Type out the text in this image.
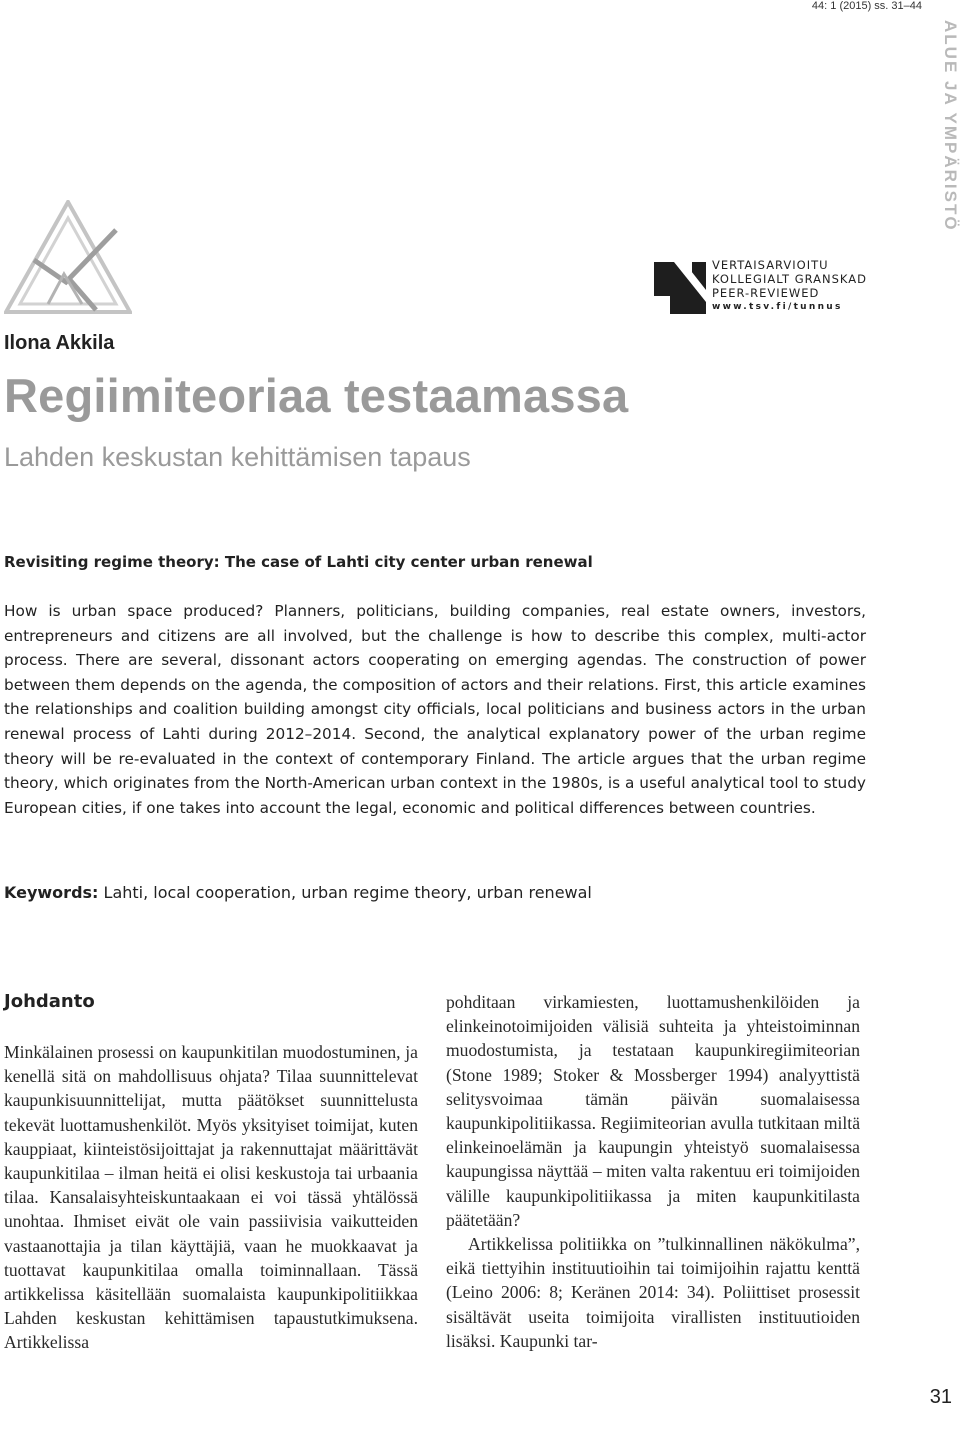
44: 1 (2015) ss. 31–44
ALUE JA YMPÄRISTÖ
VERTAISARVIOITU
KOLLEGIALT GRANSKAD
PEER-REVIEWED
www.tsv.fi/tunnus
Ilona Akkila
Regiimiteoriaa testaamassa
Lahden keskustan kehittämisen tapaus
Revisiting regime theory: The case of Lahti city center urban renewal

How is urban space produced? Planners, politicians, building companies, real estate owners, investors, entrepreneurs and citizens are all involved, but the challenge is how to describe this complex, multi-actor process. There are several, dissonant actors cooperating on emerging agendas. The construction of power between them depends on the agenda, the composition of actors and their relations. First, this article examines the relationships and coalition building amongst city officials, local politicians and business actors in the urban renewal process of Lahti during 2012–2014. Second, the analytical explanatory power of the urban regime theory will be re-evaluated in the context of contemporary Finland. The article argues that the urban regime theory, which originates from the North-American urban context in the 1980s, is a useful analytical tool to study European cities, if one takes into account the legal, economic and political differences between countries.

Keywords: Lahti, local cooperation, urban regime theory, urban renewal
Johdanto

Minkälainen prosessi on kaupunkitilan muodostuminen, ja kenellä sitä on mahdollisuus ohjata? Tilaa suunnittelevat kaupunkisuunnittelijat, mutta päätökset suunnittelusta tekevät luottamushenkilöt. Myös yksityiset toimijat, kuten kauppiaat, kiinteistösijoittajat ja rakennuttajat määrittävät kaupunkitilaa – ilman heitä ei olisi keskustoja tai urbaania tilaa. Kansalaisyhteiskuntaakaan ei voi tässä yhtälössä unohtaa. Ihmiset eivät ole vain passiivisia vaikutteiden vastaanottajia ja tilan käyttäjiä, vaan he muokkaavat ja tuottavat kaupunkitilaa omalla toiminnallaan. Tässä artikkelissa käsitellään suomalaista kaupunkipolitiikkaa Lahden keskustan kehittämisen tapaustutkimuksena. Artikkelissa

pohditaan virkamiesten, luottamushenkilöiden ja elinkeinotoimijoiden välisiä suhteita ja yhteistoiminnan muodostumista, ja testataan kaupunkiregiimiteorian (Stone 1989; Stoker & Mossberger 1994) analyyttistä selitysvoimaa tämän päivän suomalaisessa kaupunkipolitiikassa. Regiimiteorian avulla tutkitaan miltä elinkeinoelämän ja kaupungin yhteistyö suomalaisessa kaupungissa näyttää – miten valta rakentuu eri toimijoiden välille kaupunkipolitiikassa ja miten kaupunkitilasta päätetään?

Artikkelissa politiikka on ”tulkinnallinen näkökulma”, eikä tiettyihin instituutioihin tai toimijoihin rajattu kenttä (Leino 2006: 8; Keränen 2014: 34). Poliittiset prosessit sisältävät useita toimijoita virallisten instituutioiden lisäksi. Kaupunki tar-

31
